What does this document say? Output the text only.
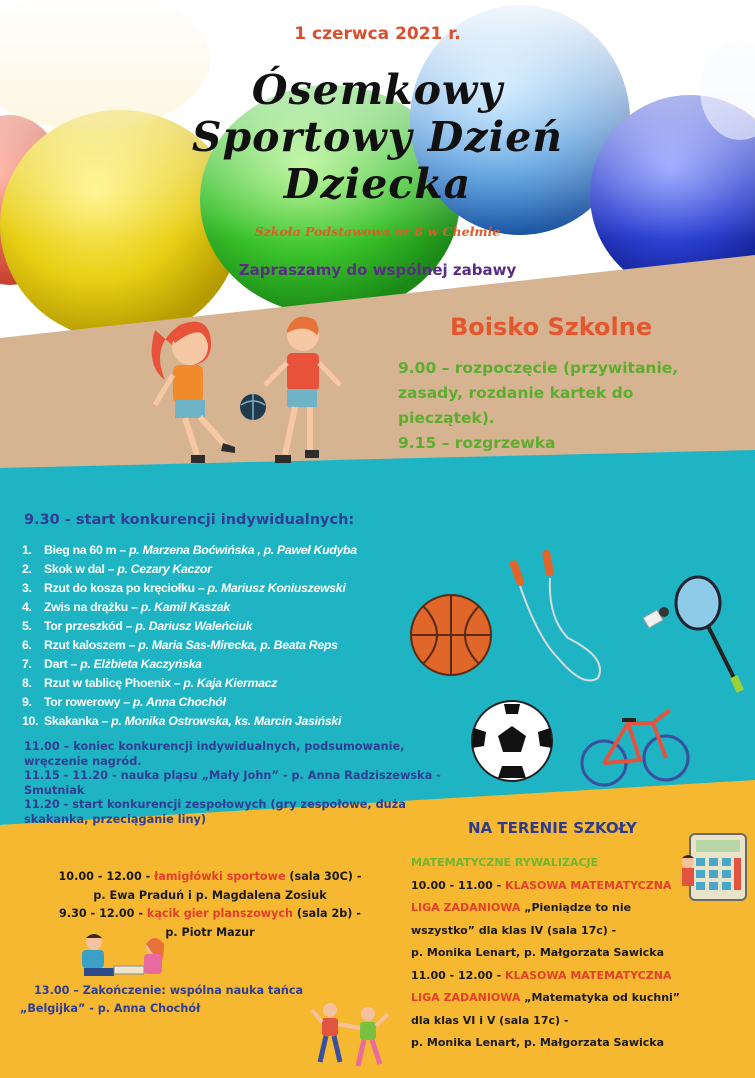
1 czerwca 2021 r.
Ósemkowy
Sportowy Dzień
Dziecka
Szkoła Podstawowa nr 8 w Chełmie
Zapraszamy do wspólnej zabawy
Boisko Szkolne
9.00 – rozpoczęcie (przywitanie,
zasady, rozdanie kartek do
pieczątek).
9.15 – rozgrzewka
9.30 - start konkurencji indywidualnych:
1. Bieg na 60 m – p. Marzena Boćwińska , p. Paweł Kudyba
2. Skok w dal – p. Cezary Kaczor
3. Rzut do kosza po kręciołku – p. Mariusz Koniuszewski
4. Zwis na drążku – p. Kamil Kaszak
5. Tor przeszkód – p. Dariusz Waleńciuk
6. Rzut kaloszem – p. Maria Sas-Mirecka, p. Beata Reps
7. Dart – p. Elżbieta Kaczyńska
8. Rzut w tablicę Phoenix – p. Kaja Kiermacz
9. Tor rowerowy – p. Anna Chochół
10. Skakanka – p. Monika Ostrowska, ks. Marcin Jasiński
11.00 – koniec konkurencji indywidualnych, podsumowanie,
wręczenie nagród.
11.15 - 11.20 - nauka pląsu „Mały John” - p. Anna Radziszewska -
Smutniak
11.20 - start konkurencji zespołowych (gry zespołowe, duża
skakanka, przeciąganie liny)	NA TERENIE SZKOŁY
10.00 - 12.00 - łamigłówki sportowe (sala 30C) -
p. Ewa Praduń i p. Magdalena Zosiuk
9.30 - 12.00 - kącik gier planszowych (sala 2b) -
p. Piotr Mazur
13.00 – Zakończenie: wspólna nauka tańca
„Belgijka” - p. Anna Chochół
MATEMATYCZNE RYWALIZACJE
10.00 - 11.00 - KLASOWA MATEMATYCZNA
LIGA ZADANIOWA „Pieniądze to nie
wszystko” dla klas IV (sala 17c) -
p. Monika Lenart, p. Małgorzata Sawicka
11.00 - 12.00 - KLASOWA MATEMATYCZNA
LIGA ZADANIOWA „Matematyka od kuchni”
dla klas VI i V (sala 17c) -
p. Monika Lenart, p. Małgorzata Sawicka
